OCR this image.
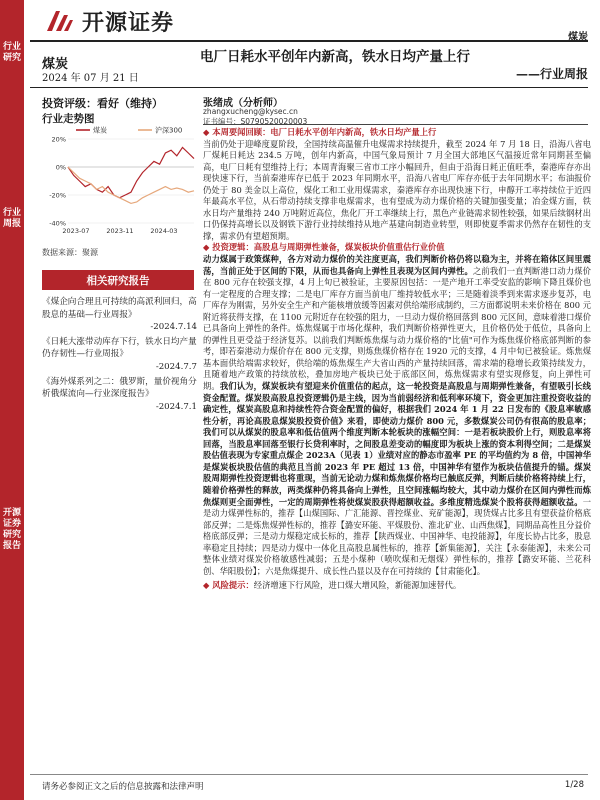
行业研究
行业周报
开源证券研究报告
开源证券
煤炭
煤炭
2024 年 07 月 21 日
电厂日耗水平创年内新高，铁水日均产量上行
——行业周报
投资评级：看好（维持）
行业走势图
20%
0%
-20%
-40%
2023-07	2023-11	2024-03
煤炭	沪深300
数据来源：聚源
相关研究报告
《煤企向合理且可持续的高派利回归，高股息的基础—行业周报》
-2024.7.14
《日耗大涨带动库存下行，铁水日均产量仍存韧性—行业周报》
-2024.7.7
《海外煤系列之二：俄罗斯，量价视角分析俄煤流向—行业深度报告》
-2024.7.1
张绪成（分析师）
zhangxucheng@kysec.cn
证书编号：S0790520020003

◆ 本周要闻回顾：电厂日耗水平创年内新高，铁水日均产量上行

当前仍处于迎峰度夏阶段，全国持续高温催升电煤需求持续提升，截至 2024 年 7 月 18 日，沿海八省电厂煤耗日耗达 234.5 万吨，创年内新高，中国气象局预计 7 月全国大部地区气温接近常年同期甚至偏高，电厂日耗有望维持上行；本周青海聚三省市工序小幅回升，但由于沿海日耗正值旺季，秦港库存亦出现快速下行，当前秦港库存已低于 2023 年同期水平，沿海八省电厂库存亦低于去年同期水平；布油报价仍处于 80 美金以上高位，煤化工和工业用煤需求，秦港库存亦出现快速下行，申醇开工率持续位于近四年最高水平位，从石带动持续支撑非电煤需求，也有望成为动力煤价格的关键加强变量；冶金煤方面，铁水日均产量维持 240 万吨附近高位，焦化厂开工率继续上行，黑色产业链需求韧性较强，如果后续钢材出口仍保持高增长以及钢铁下游行业持续维持从地产基建向制造业转型，则即使夏季需求仍然存在韧性的支撑，需求仍有望超预期。

◆ 投资逻辑：高股息与周期弹性兼备，煤炭板块价值重估行业价值

动力煤属于政策煤种，各方对动力煤价的关注度更高，我们判断价格仍将以稳为主，并将在箱体区间里震荡，当前正处于区间的下限，从而也具备向上弹性且表现为区间内弹性。之前我们一直判断港口动力煤价在 800 元存在较强支撑，4 月上旬已被验证，主要原因包括：一是产地开工率受安监的影响下降且煤价也有一定程度的合理支撑；二是电厂库存方面当前电厂维持较低水平；三是随着淡季到来需求逐步复苏，电厂库存为刚需，另外安全生产和产能核增放缓等因素对供给端形成制约，三方面都说明未来价格在 800 元附近将获得支撑，在 1100 元附近存在较强的阻力，一旦动力煤价格回落到 800 元区间，意味着港口煤价已具备向上弹性的条件。炼焦煤属于市场化煤种，我们判断价格弹性更大，且价格仍处于低位，具备向上的弹性且更受益于经济复苏。以前我们判断炼焦煤与动力煤价格的"比值"可作为炼焦煤价格底部判断的参考，即若秦港动力煤价存在 800 元支撑，则炼焦煤价格存在 1920 元的支撑，4 月中旬已被验证。炼焦煤基本面供给端需求较好，供给端的炼焦煤生产大省山西的产量持续回落，需求端的稳增长政策持续发力，且随着地产政策的持续放松，叠加房地产板块已处于底部区间，炼焦煤需求有望实现修复，向上弹性可期。我们认为，煤炭板块有望迎来价值重估的起点，这一轮投资是高股息与周期弹性兼备，有望吸引长线资金配置。煤炭股高股息投资逻辑仍是主线，因为当前弱经济和低利率环境下，资金更加注重投资收益的确定性，煤炭高股息和持续性符合资金配置的偏好，根据我们 2024 年 1 月 22 日发布的《股息率敏感性分析，再论高股息煤炭股投资价值》来看，即使动力煤价 800 元，多数煤炭公司仍有很高的股息率；我们可以从煤炭的股息率和低估值两个维度判断本轮板块的涨幅空间：一是若板块股价上行，则股息率将回落，当股息率回落至银行长贷利率时，之间股息差变动的幅度即为板块上涨的资本利得空间；二是煤炭股估值表现为专家重点煤企 2023A（见表 1）业绩对应的静态市盈率 PE 的平均值约为 8 倍，中国神华是煤炭板块股估值的典范且当前 2023 年 PE 超过 13 倍，中国神华有望作为板块估值提升的锚。煤炭股周期弹性投资逻辑也将重现，当前无论动力煤和炼焦煤价格均已触底反弹，判断后续价格将持续上行，随着价格弹性的释放，两类煤种仍将具备向上弹性，且空间涨幅均较大，其中动力煤价在区间内弹性而炼焦煤则更全面弹性，一定的周期弹性将使煤炭股获得超额收益。多维度精选煤炭个股将获得超额收益。一是动力煤弹性标的，推荐【山煤国际、广汇能源、晋控煤业、兖矿能源】，现货煤占比多且有望获益价格底部反弹；二是炼焦煤弹性标的，推荐【潞安环能、平煤股份、淮北矿业、山西焦煤】，同期品高性且分益价格底部反弹；三是动力煤稳定成长标的，推荐【陕西煤业、中国神华、电投能源】，年度长协占比多，股息率稳定且持续；四是动力煤中一体化且高股息属性标的，推荐【新集能源】，关注【永泰能源】，未来公司整体业绩对煤炭价格敏感性减弱；五是小煤种（喷吹煤和无烟煤）弹性标的，推荐【潞安环能、兰花科创、华阳股份】；六是焦煤提升、成长性凸显以及存在可持续的【甘肃能化】。

◆ 风险提示：经济增速下行风险，进口煤大增风险，新能源加速替代。

请务必参阅正文之后的信息披露和法律声明	1/28
